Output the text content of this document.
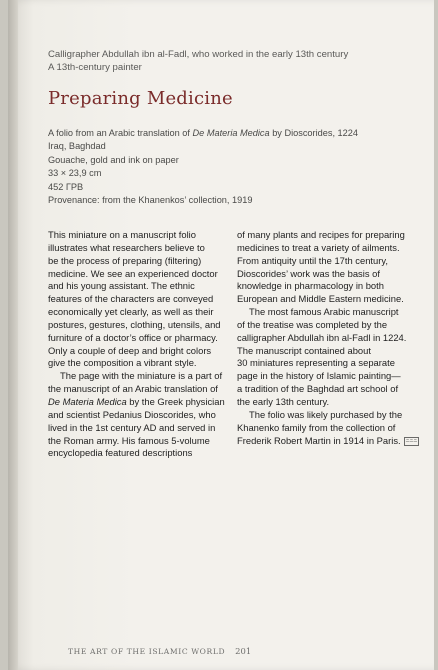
Calligrapher Abdullah ibn al-Fadl, who worked in the early 13th century
A 13th-century painter
Preparing Medicine
A folio from an Arabic translation of De Materia Medica by Dioscorides, 1224
Iraq, Baghdad
Gouache, gold and ink on paper
33 × 23,9 cm
452 ГРВ
Provenance: from the Khanenkos’ collection, 1919

This miniature on a manuscript folio
illustrates what researchers believe to
be the process of preparing (filtering)
medicine. We see an experienced doctor
and his young assistant. The ethnic
features of the characters are conveyed
economically yet clearly, as well as their
postures, gestures, clothing, utensils, and
furniture of a doctor’s office or pharmacy.
Only a couple of deep and bright colors
give the composition a vibrant style.

The page with the miniature is a part of
the manuscript of an Arabic translation of
De Materia Medica by the Greek physician
and scientist Pedanius Dioscorides, who
lived in the 1st century AD and served in
the Roman army. His famous 5-volume
encyclopedia featured descriptions

of many plants and recipes for preparing
medicines to treat a variety of ailments.
From antiquity until the 17th century,
Dioscorides’ work was the basis of
knowledge in pharmacology in both
European and Middle Eastern medicine.

The most famous Arabic manuscript
of the treatise was completed by the
calligrapher Abdullah ibn al-Fadl in 1224.
The manuscript contained about
30 miniatures representing a separate
page in the history of Islamic painting—
a tradition of the Baghdad art school of
the early 13th century.

The folio was likely purchased by the
Khanenko family from the collection of
Frederik Robert Martin in 1914 in Paris. ΞΞΞ

THE ART OF THE ISLAMIC WORLD 201
